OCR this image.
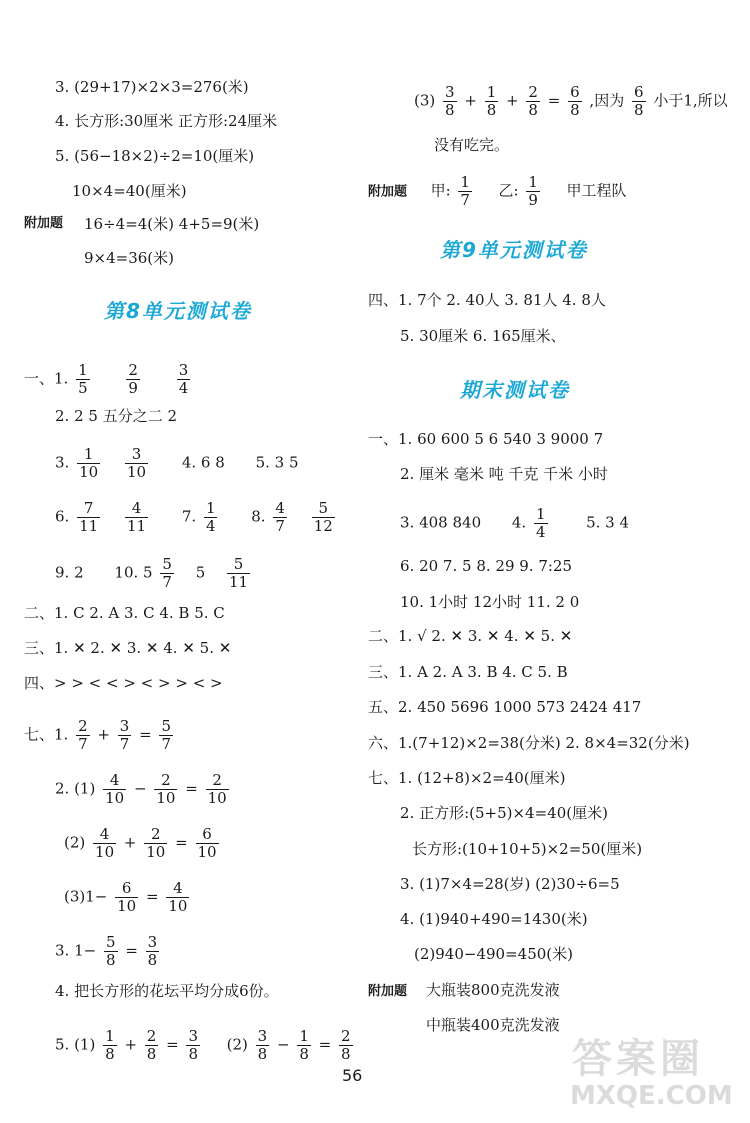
3. (29+17)×2×3=276(米)
4. 长方形:30厘米 正方形:24厘米
5. (56−18×2)÷2=10(厘米)
10×4=40(厘米)
附加题 16÷4=4(米) 4+5=9(米)
9×4=36(米)
第8单元测试卷
一、1. $\frac{1}{5}$
$\frac{2}{9}$
$\frac{3}{4}$
2. 2 5 五分之二 2
3. $\frac{1}{10}$
$\frac{3}{10} 4$. 6 8 5. 3 5
6. $\frac{7}{11}$
$\frac{4}{11} 7$. $\frac{1}{4} 8$. $\frac{4}{7}$
$\frac{5}{12}$
9. 2 10. $5 \frac{5}{7} 5 \frac{5}{11}$
二、1. C 2. A 3. C 4. B 5. C
三、1. ✕ 2. ✕ 3. ✕ 4. ✕ 5. ✕
四、> > < < > < > > < >
七、1. $\frac{2}{7} + \frac{3}{7} = \frac{5}{7}$
2. $(1) \frac{4}{10} - \frac{2}{10} = \frac{2}{10}$
$(2) \frac{4}{10} + \frac{2}{10} = \frac{6}{10}$
$(3)1- \frac{6}{10} = \frac{4}{10}$
3. $1- \frac{5}{8} = \frac{3}{8}$
4. 把长方形的花坛平均分成6份。
5. $(1) \frac{1}{8} + \frac{2}{8} = \frac{3}{8} (2) \frac{3}{8} - \frac{1}{8} = \frac{2}{8}$
$(3) \frac{3}{8} + \frac{1}{8} + \frac{2}{8} = \frac{6}{8}$ ,因为 $\frac{6}{8}$ 小于1,所以
没有吃完。
附加题 甲: $\frac{1}{7}$ 乙: $\frac{1}{9}$ 甲工程队
第9单元测试卷
四、1. 7个 2. 40人 3. 81人 4. 8人
5. 30厘米 6. 165厘米、
期末测试卷
一、1. 60 600 5 6 540 3 9000 7
2. 厘米 毫米 吨 千克 千米 小时
3. 408 840 4. $\frac{1}{4}$	5. 3 4
6. 20 7. 5 8. 29 9. 7:25
10. 1小时 12小时 11. 2 0
二、1. √ 2. ✕ 3. ✕ 4. ✕ 5. ✕
三、1. A 2. A 3. B 4. C 5. B
五、2. 450 5696 1000 573 2424 417
六、1.(7+12)×2=38(分米) 2. 8×4=32(分米)
七、1. (12+8)×2=40(厘米)
2. 正方形:(5+5)×4=40(厘米)
长方形:(10+10+5)×2=50(厘米)
3. (1)7×4=28(岁) (2)30÷6=5
4. (1)940+490=1430(米)
(2)940−490=450(米)
附加题 大瓶装800克洗发液
中瓶装400克洗发液
56	答案圈
MXQE.COM
